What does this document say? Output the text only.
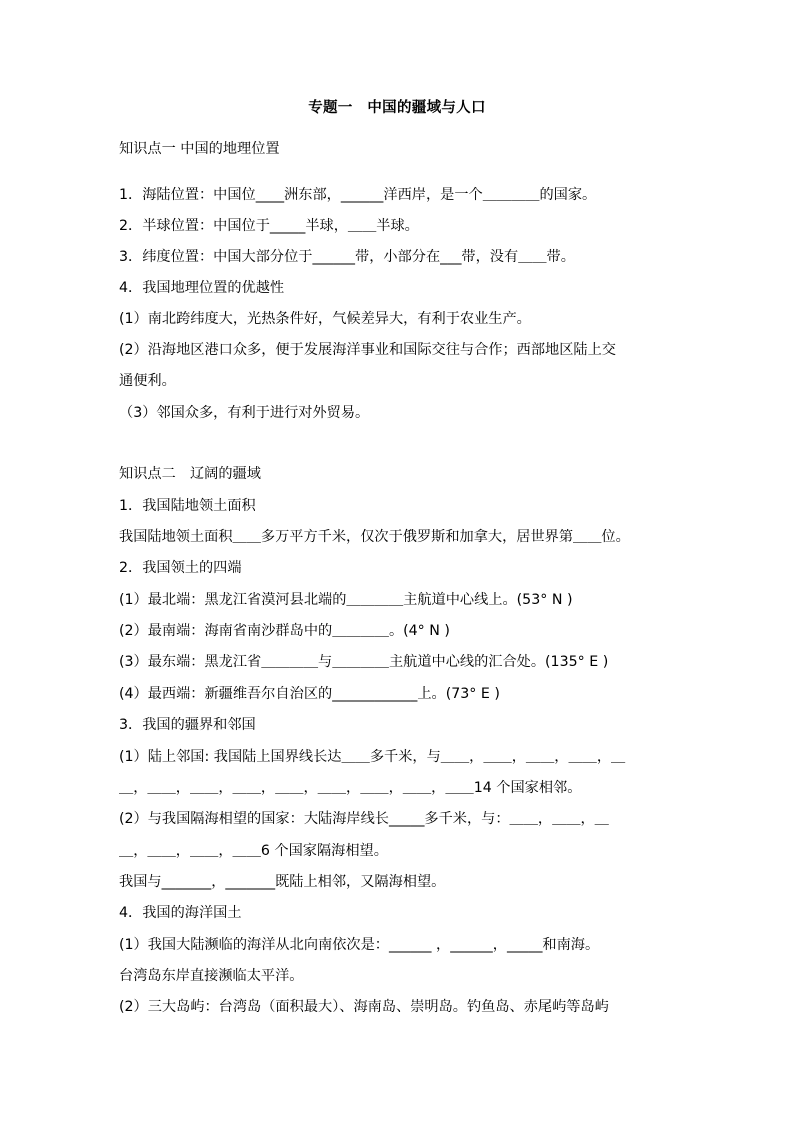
专题一　中国的疆域与人口
知识点一 中国的地理位置
1．海陆位置：中国位____洲东部，______洋西岸，是一个＿＿＿＿的国家。
2．半球位置：中国位于_____半球，＿＿半球。
3．纬度位置：中国大部分位于______带，小部分在___带，没有＿＿带。
4．我国地理位置的优越性
(1）南北跨纬度大，光热条件好，气候差异大，有利于农业生产。
(2）沿海地区港口众多，便于发展海洋事业和国际交往与合作；西部地区陆上交
通便利。
（3）邻国众多，有利于进行对外贸易。
知识点二　辽阔的疆域
1．我国陆地领土面积
我国陆地领土面积＿＿多万平方千米，仅次于俄罗斯和加拿大，居世界第＿＿位。
2．我国领土的四端
(1）最北端：黑龙江省漠河县北端的＿＿＿＿主航道中心线上。(53° N )
(2）最南端：海南省南沙群岛中的＿＿＿＿。(4° N )
(3）最东端：黑龙江省＿＿＿＿与＿＿＿＿主航道中心线的汇合处。(135° E )
(4）最西端：新疆维吾尔自治区的____________上。(73° E )
3．我国的疆界和邻国
(1）陆上邻国: 我国陆上国界线长达＿＿多千米，与＿＿，＿＿，＿＿，＿＿，＿
＿，＿＿，＿＿，＿＿，＿＿，＿＿，＿＿，＿＿，＿＿14 个国家相邻。
(2）与我国隔海相望的国家：大陆海岸线长_____多千米，与：＿＿，＿＿，＿
＿，＿＿，＿＿，＿＿6 个国家隔海相望。
我国与_______，_______既陆上相邻，又隔海相望。
4．我国的海洋国土
(1）我国大陆濒临的海洋从北向南依次是：______ ，______，_____和南海。
台湾岛东岸直接濒临太平洋。
(2）三大岛屿：台湾岛（面积最大）、海南岛、崇明岛。钓鱼岛、赤尾屿等岛屿
